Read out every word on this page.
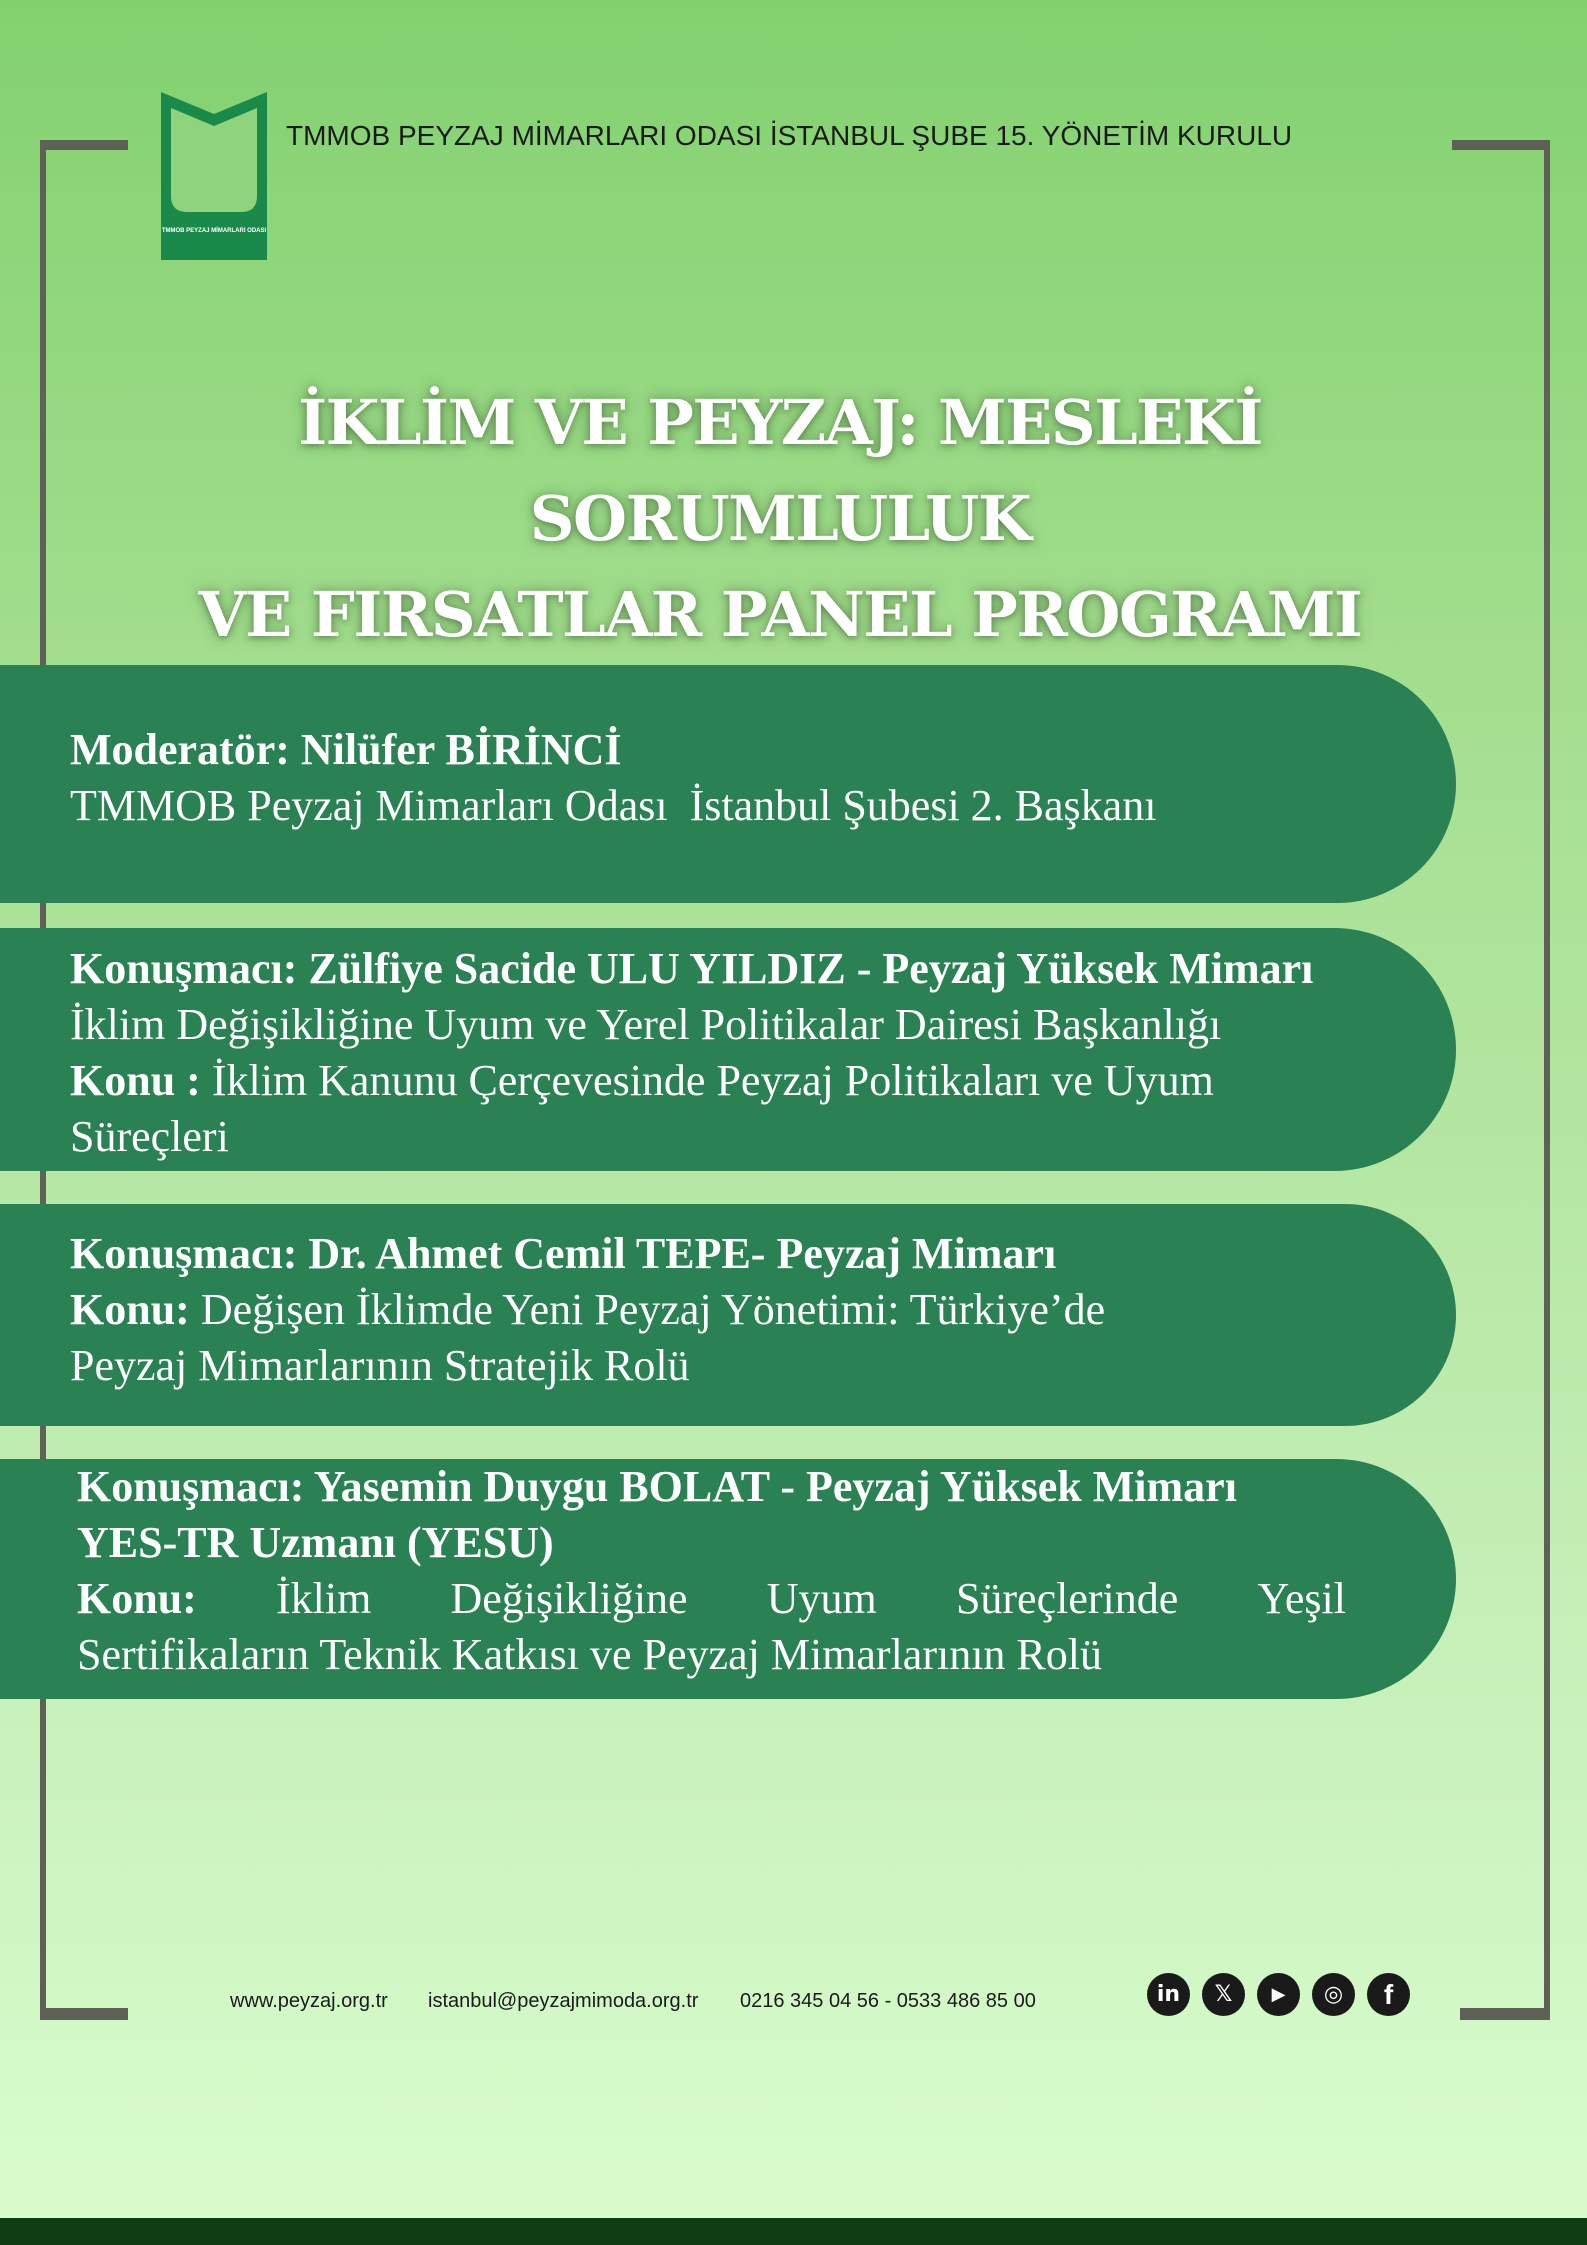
TMMOB PEYZAJ MİMARLARI ODASI
TMMOB PEYZAJ MİMARLARI ODASI İSTANBUL ŞUBE 15. YÖNETİM KURULU
İKLİM VE PEYZAJ: MESLEKİ SORUMLULUK
VE FIRSATLAR PANEL PROGRAMI

Moderatör: Nilüfer BİRİNCİ

TMMOB Peyzaj Mimarları Odası  İstanbul Şubesi 2. Başkanı

Konuşmacı: Zülfiye Sacide ULU YILDIZ - Peyzaj Yüksek Mimarı

İklim Değişikliğine Uyum ve Yerel Politikalar Dairesi Başkanlığı

Konu : İklim Kanunu Çerçevesinde Peyzaj Politikaları ve Uyum Süreçleri

Konuşmacı: Dr. Ahmet Cemil TEPE- Peyzaj Mimarı

Konu: Değişen İklimde Yeni Peyzaj Yönetimi: Türkiye’de Peyzaj Mimarlarının Stratejik Rolü

Konuşmacı: Yasemin Duygu BOLAT - Peyzaj Yüksek Mimarı

YES-TR Uzmanı (YESU)

Konu: İklim Değişikliğine Uyum Süreçlerinde Yeşil

Sertifikaların Teknik Katkısı ve Peyzaj Mimarlarının Rolü

www.peyzaj.org.tr istanbul@peyzajmimoda.org.tr 0216 345 04 56 - 0533 486 85 00	in	𝕏	▶	◎	f
